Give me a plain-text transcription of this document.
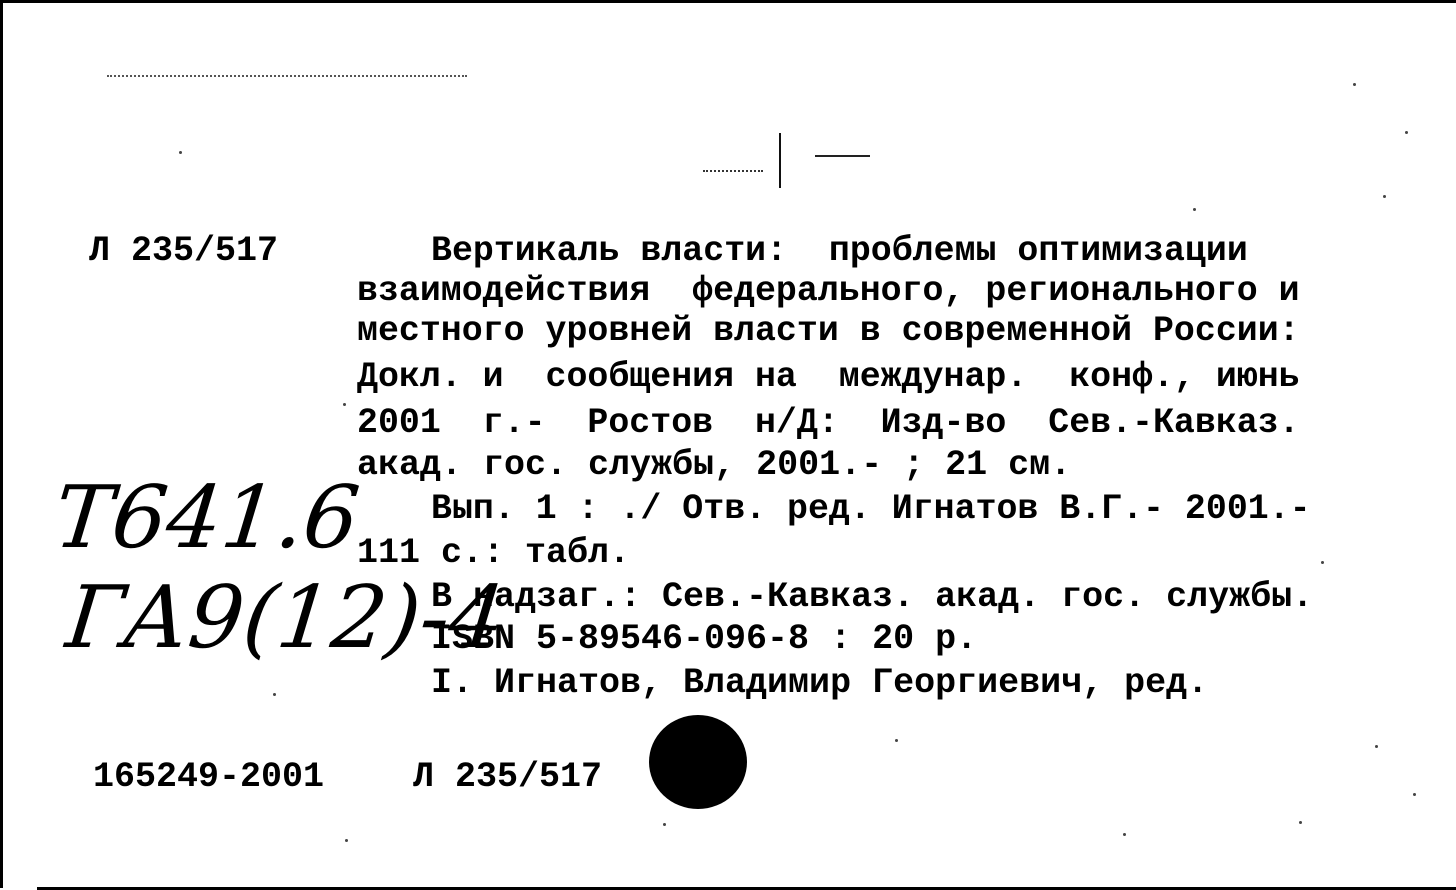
Л 235/517	Вертикаль власти:  проблемы оптимизации
взаимодействия  федерального, регионального и
местного уровней власти в современной России:
Докл. и  сообщения на  междунар.  конф., июнь
2001  г.-  Ростов  н/Д:  Изд-во  Сев.-Кавказ.
акад. гос. службы, 2001.- ; 21 см.
Вып. 1 : ./ Отв. ред. Игнатов В.Г.- 2001.-
111 с.: табл.
В надзаг.: Сев.-Кавказ. акад. гос. службы.
ISBN 5-89546-096-8 : 20 р.
I. Игнатов, Владимир Георгиевич, ред.
Т641.6
ГА9(12)-4
165249-2001	Л 235/517
